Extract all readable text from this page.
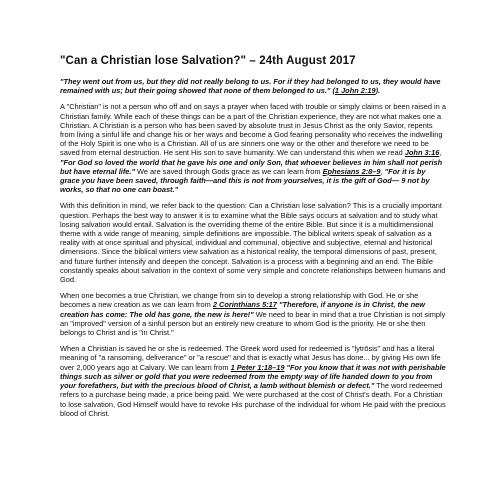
"Can a Christian lose Salvation?" – 24th August 2017

"They went out from us, but they did not really belong to us. For if they had belonged to us, they would have remained with us; but their going showed that none of them belonged to us." (1 John 2:19).

A "Christian" is not a person who off and on says a prayer when faced with trouble or simply claims or been raised in a Christian family. While each of these things can be a part of the Christian experience, they are not what makes one a Christian. A Christian is a person who has been saved by absolute trust in Jesus Christ as the only Savior, repents from living a sinful life and change his or her ways and become a God fearing personality who receives the indwelling of the Holy Spirit is one who is a Christian. All of us are sinners one way or the other and therefore we need to be saved from eternal destruction. He sent His son to save humanity. We can understand this when we read John 3:16, "For God so loved the world that he gave his one and only Son, that whoever believes in him shall not perish but have eternal life." We are saved through Gods grace as we can learn from Ephesians 2:8–9, "For it is by grace you have been saved, through faith—and this is not from yourselves, it is the gift of God— 9 not by works, so that no one can boast."

With this definition in mind, we refer back to the question: Can a Christian lose salvation? This is a crucially important question. Perhaps the best way to answer it is to examine what the Bible says occurs at salvation and to study what losing salvation would entail. Salvation is the overriding theme of the entire Bible. But since it is a multidimensional theme with a wide range of meaning, simple definitions are impossible. The biblical writers speak of salvation as a reality with at once spiritual and physical, individual and communal, objective and subjective, eternal and historical dimensions. Since the biblical writers view salvation as a historical reality, the temporal dimensions of past, present, and future further intensify and deepen the concept. Salvation is a process with a beginning and an end. The Bible constantly speaks about salvation in the context of some very simple and concrete relationships between humans and God.

When one becomes a true Christian, we change from sin to develop a strong relationship with God. He or she becomes a new creation as we can learn from 2 Corinthians 5:17 "Therefore, if anyone is in Christ, the new creation has come: The old has gone, the new is here!" We need to bear in mind that a true Christian is not simply an "improved" version of a sinful person but an entirely new creature to whom God is the priority. He or she then belongs to Christ and is "in Christ."

When a Christian is saved he or she is redeemed. The Greek word used for redeemed is "lytrōsis" and has a literal meaning of "a ransoming, deliverance" or "a rescue" and that is exactly what Jesus has done... by giving His own life over 2,000 years ago at Calvary. We can learn from 1 Peter 1:18–19 "For you know that it was not with perishable things such as silver or gold that you were redeemed from the empty way of life handed down to you from your forefathers, but with the precious blood of Christ, a lamb without blemish or defect." The word redeemed refers to a purchase being made, a price being paid. We were purchased at the cost of Christ's death. For a Christian to lose salvation, God Himself would have to revoke His purchase of the individual for whom He paid with the precious blood of Christ.
